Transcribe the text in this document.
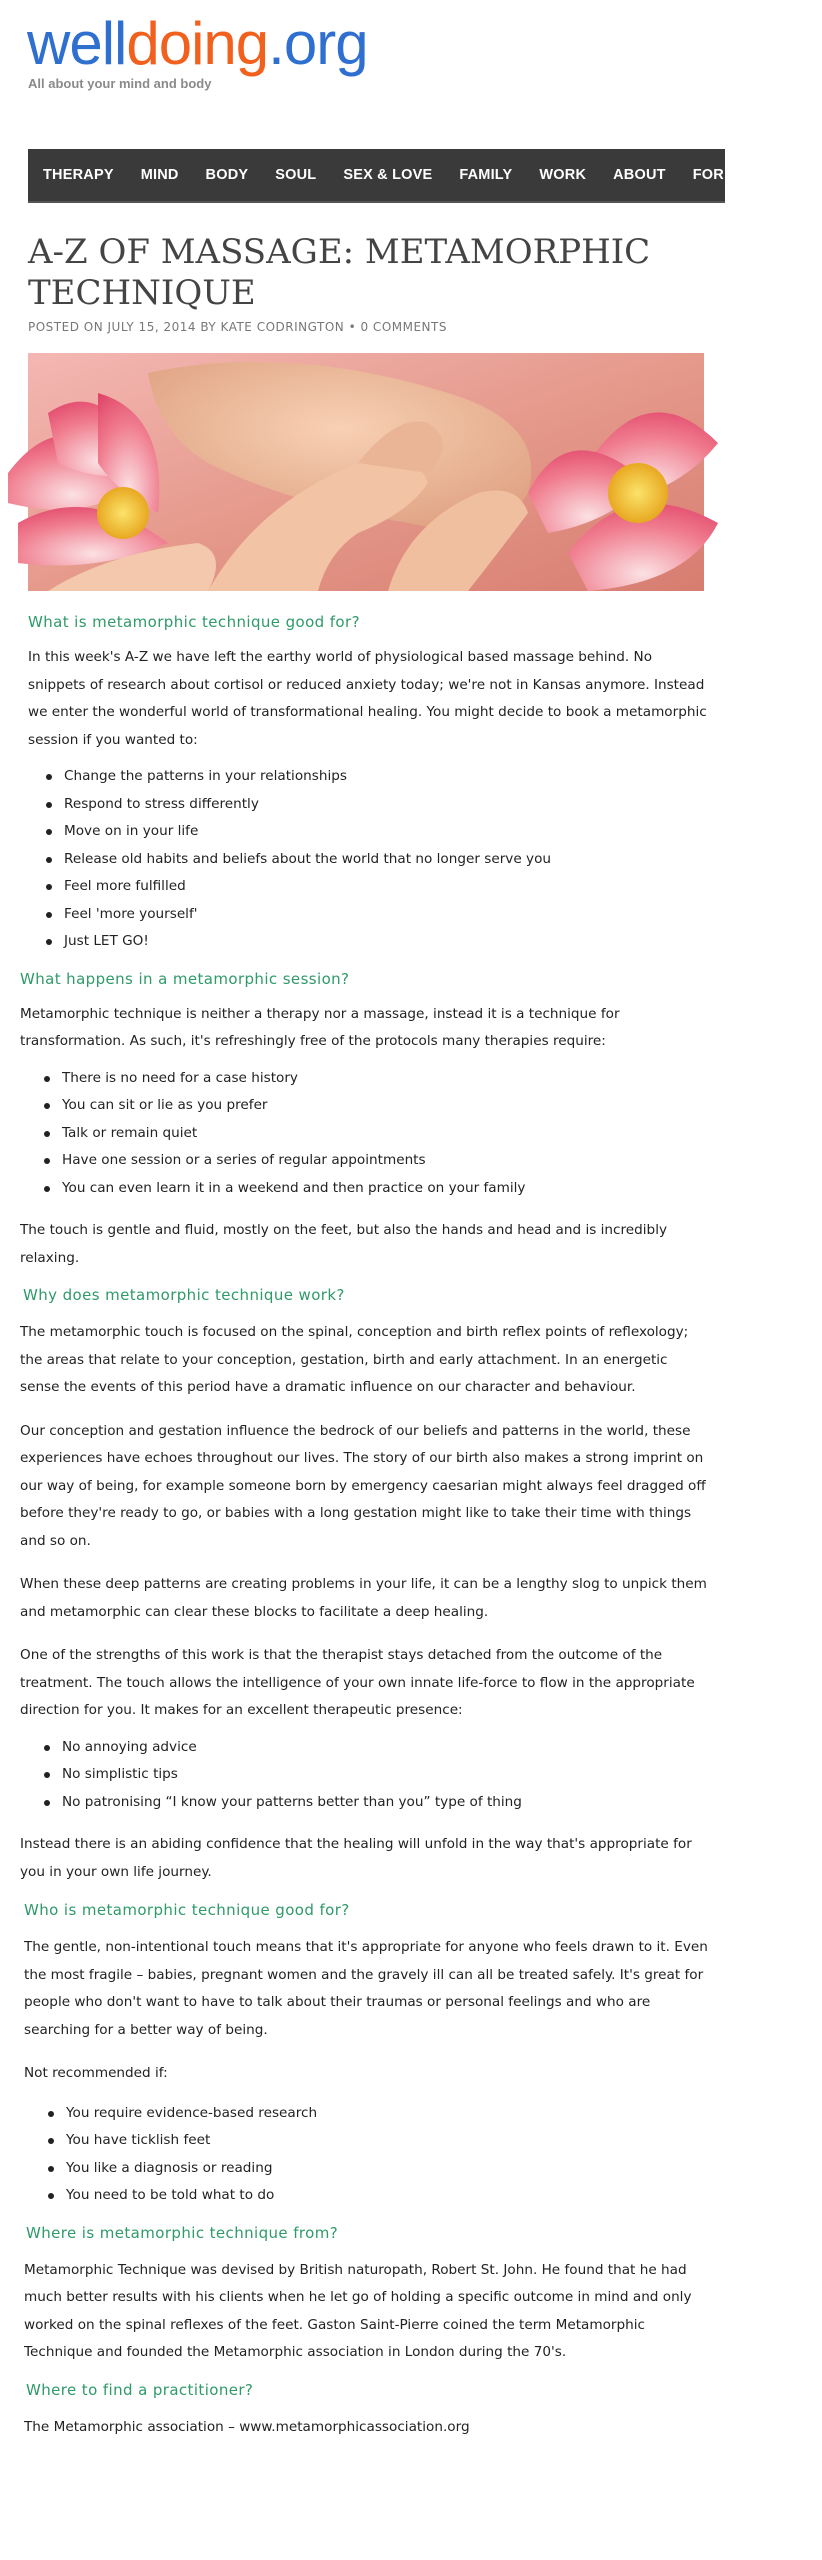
welldoing.org
All about your mind and body
THERAPY MIND BODY SOUL SEX & LOVE FAMILY WORK ABOUT FOR THERAPISTS
A-Z OF MASSAGE: METAMORPHIC TECHNIQUE
POSTED ON JULY 15, 2014 BY KATE CODRINGTON • 0 COMMENTS
What is metamorphic technique good for?

In this week's A-Z we have left the earthy world of physiological based massage behind. No snippets of research about cortisol or reduced anxiety today; we're not in Kansas anymore. Instead we enter the wonderful world of transformational healing. You might decide to book a metamorphic session if you wanted to:

Change the patterns in your relationships
Respond to stress differently
Move on in your life
Release old habits and beliefs about the world that no longer serve you
Feel more fulfilled
Feel 'more yourself'
Just LET GO!
What happens in a metamorphic session?

Metamorphic technique is neither a therapy nor a massage, instead it is a technique for transformation. As such, it's refreshingly free of the protocols many therapies require:

There is no need for a case history
You can sit or lie as you prefer
Talk or remain quiet
Have one session or a series of regular appointments
You can even learn it in a weekend and then practice on your family

The touch is gentle and fluid, mostly on the feet, but also the hands and head and is incredibly relaxing.

Why does metamorphic technique work?

The metamorphic touch is focused on the spinal, conception and birth reflex points of reflexology; the areas that relate to your conception, gestation, birth and early attachment. In an energetic sense the events of this period have a dramatic influence on our character and behaviour.

Our conception and gestation influence the bedrock of our beliefs and patterns in the world, these experiences have echoes throughout our lives. The story of our birth also makes a strong imprint on our way of being, for example someone born by emergency caesarian might always feel dragged off before they're ready to go, or babies with a long gestation might like to take their time with things and so on.

When these deep patterns are creating problems in your life, it can be a lengthy slog to unpick them and metamorphic can clear these blocks to facilitate a deep healing.

One of the strengths of this work is that the therapist stays detached from the outcome of the treatment. The touch allows the intelligence of your own innate life-force to flow in the appropriate direction for you. It makes for an excellent therapeutic presence:

No annoying advice
No simplistic tips
No patronising “I know your patterns better than you” type of thing

Instead there is an abiding confidence that the healing will unfold in the way that's appropriate for you in your own life journey.

Who is metamorphic technique good for?

The gentle, non-intentional touch means that it's appropriate for anyone who feels drawn to it. Even the most fragile – babies, pregnant women and the gravely ill can all be treated safely. It's great for people who don't want to have to talk about their traumas or personal feelings and who are searching for a better way of being.

Not recommended if:

You require evidence-based research
You have ticklish feet
You like a diagnosis or reading
You need to be told what to do
Where is metamorphic technique from?

Metamorphic Technique was devised by British naturopath, Robert St. John. He found that he had much better results with his clients when he let go of holding a specific outcome in mind and only worked on the spinal reflexes of the feet. Gaston Saint-Pierre coined the term Metamorphic Technique and founded the Metamorphic association in London during the 70's.

Where to find a practitioner?

The Metamorphic association – www.metamorphicassociation.org
